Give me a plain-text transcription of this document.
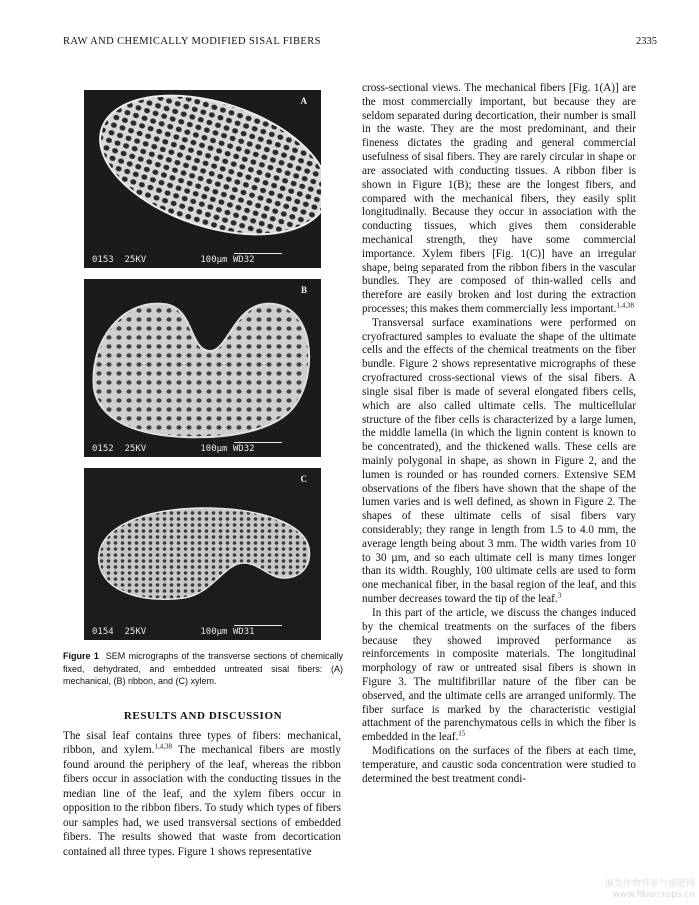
RAW AND CHEMICALLY MODIFIED SISAL FIBERS	2335
A
0153  25KV          100µm WD32
B
0152  25KV          100µm WD32
C
0154  25KV          100µm WD31
Figure 1 SEM micrographs of the transverse sections of chemically fixed, dehydrated, and embedded untreated sisal fibers: (A) mechanical, (B) ribbon, and (C) xylem.
RESULTS AND DISCUSSION

The sisal leaf contains three types of fibers: mechanical, ribbon, and xylem.$^{1,4,38}$ The mechanical fibers are mostly found around the periphery of the leaf, whereas the ribbon fibers occur in association with the conducting tissues in the median line of the leaf, and the xylem fibers occur in opposition to the ribbon fibers. To study which types of fibers our samples had, we used transversal sections of embedded fibers. The results showed that waste from decortication contained all three types. Figure 1 shows representative

cross-sectional views. The mechanical fibers [Fig. 1(A)] are the most commercially important, but because they are seldom separated during decortication, their number is small in the waste. They are the most predominant, and their fineness dictates the grading and general commercial usefulness of sisal fibers. They are rarely circular in shape or are associated with conducting tissues. A ribbon fiber is shown in Figure 1(B); these are the longest fibers, and compared with the mechanical fibers, they easily split longitudinally. Because they occur in association with the conducting tissues, which gives them considerable mechanical strength, they have some commercial importance. Xylem fibers [Fig. 1(C)] have an irregular shape, being separated from the ribbon fibers in the vascular bundles. They are composed of thin-walled cells and therefore are easily broken and lost during the extraction processes; this makes them commercially less important.$^{1,4,38}$

Transversal surface examinations were performed on cryofractured samples to evaluate the shape of the ultimate cells and the effects of the chemical treatments on the fiber bundle. Figure 2 shows representative micrographs of these cryofractured cross-sectional views of the sisal fibers. A single sisal fiber is made of several elongated fibers cells, which are also called ultimate cells. The multicellular structure of the fiber cells is characterized by a large lumen, the middle lamella (in which the lignin content is known to be concentrated), and the thickened walls. These cells are mainly polygonal in shape, as shown in Figure 2, and the lumen is rounded or has rounded corners. Extensive SEM observations of the fibers have shown that the shape of the lumen varies and is well defined, as shown in Figure 2. The shapes of these ultimate cells of sisal fibers vary considerably; they range in length from 1.5 to 4.0 mm, the average length being about 3 mm. The width varies from 10 to 30 µm, and so each ultimate cell is many times longer than its width. Roughly, 100 ultimate cells are used to form one mechanical fiber, in the basal region of the leaf, and this number decreases toward the tip of the leaf.$^3$

In this part of the article, we discuss the changes induced by the chemical treatments on the surfaces of the fibers because they showed improved performance as reinforcements in composite materials. The longitudinal morphology of raw or untreated sisal fibers is shown in Figure 3. The multifibrillar nature of the fiber can be observed, and the ultimate cells are arranged uniformly. The fiber surface is marked by the characteristic vestigial attachment of the parenchymatous cells in which the fiber is embedded in the leaf.$^{15}$

Modifications on the surfaces of the fibers at each time, temperature, and caustic soda concentration were studied to determined the best treatment condi-

麻类作物营养与施肥网
www.fibercrops.cn
